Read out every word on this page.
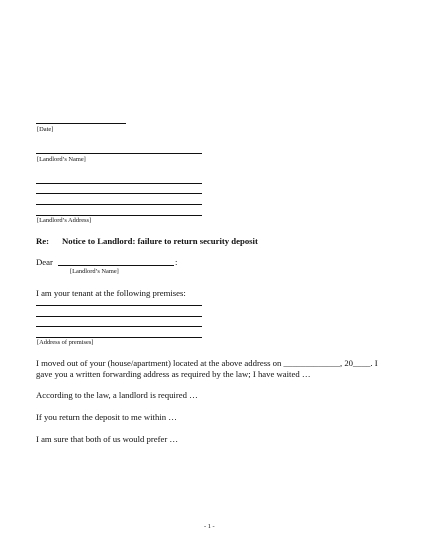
[Date]
[Landlord’s Name]
[Landlord’s Address]
Re: Notice to Landlord: failure to return security deposit
Dear	:
[Landlord’s Name]
I am your tenant at the following premises:
[Address of premises]
I moved out of your (house/apartment) located at the above address on _____________, 20____. I
gave you a written forwarding address as required by the law; I have waited …
According to the law, a landlord is required …
If you return the deposit to me within …
I am sure that both of us would prefer …
- 1 -
